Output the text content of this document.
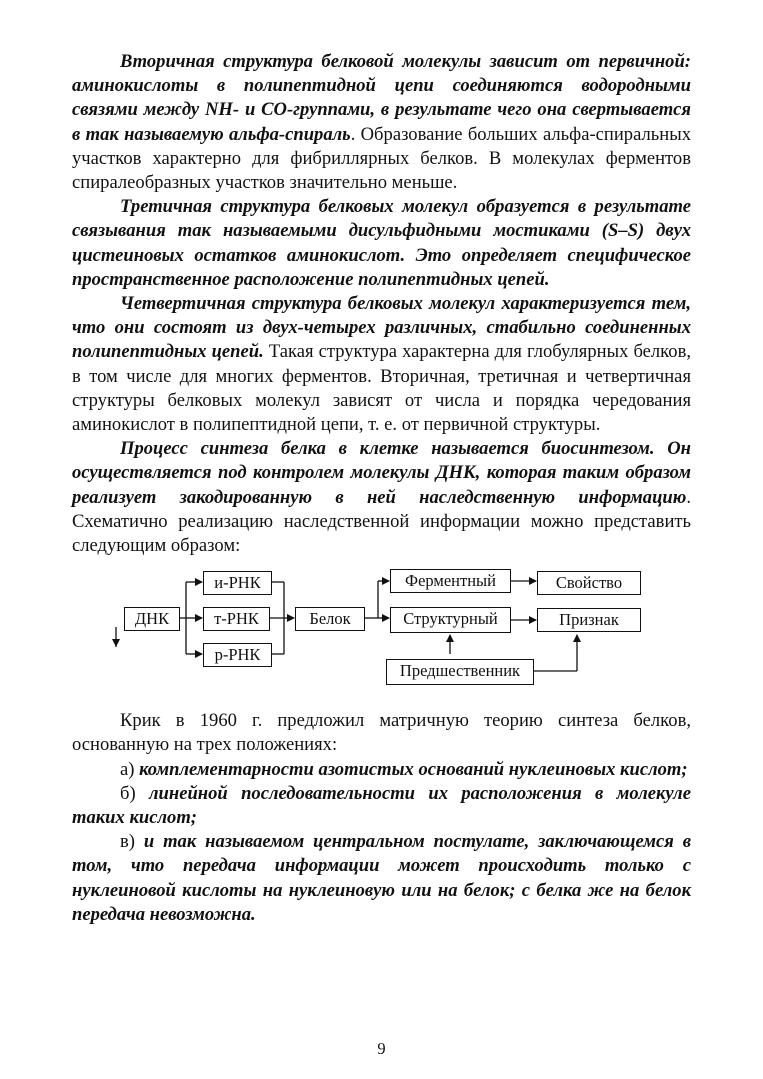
Вторичная структура белковой молекулы зависит от первичной: аминокислоты в полипептидной цепи соединяются водородными связями между NH- и CO-группами, в результате чего она свертывается в так называемую альфа-спираль. Образование больших альфа-спиральных участков характерно для фибриллярных белков. В молекулах ферментов спиралеобразных участков значительно меньше.

Третичная структура белковых молекул образуется в результате связывания так называемыми дисульфидными мостиками (S–S) двух цистеиновых остатков аминокислот. Это определяет специфическое пространственное расположение полипептидных цепей.

Четвертичная структура белковых молекул характеризуется тем, что они состоят из двух-четырех различных, стабильно соединенных полипептидных цепей. Такая структура характерна для глобулярных белков, в том числе для многих ферментов. Вторичная, третичная и четвертичная структуры белковых молекул зависят от числа и порядка чередования аминокислот в полипептидной цепи, т. е. от первичной структуры.

Процесс синтеза белка в клетке называется биосинтезом. Он осуществляется под контролем молекулы ДНК, которая таким образом реализует закодированную в ней наследственную информацию. Схематично реализацию наследственной информации можно представить следующим образом:

ДНК
и-РНК
т-РНК
р-РНК
Белок
Ферментный
Структурный
Свойство
Признак
Предшественник

Крик в 1960 г. предложил матричную теорию синтеза белков, основанную на трех положениях:

а) комплементарности азотистых оснований нуклеиновых кислот;

б) линейной последовательности их расположения в молекуле таких кислот;

в) и так называемом центральном постулате, заключающемся в том, что передача информации может происходить только с нуклеиновой кислоты на нуклеиновую или на белок; с белка же на белок передача невозможна.

9
